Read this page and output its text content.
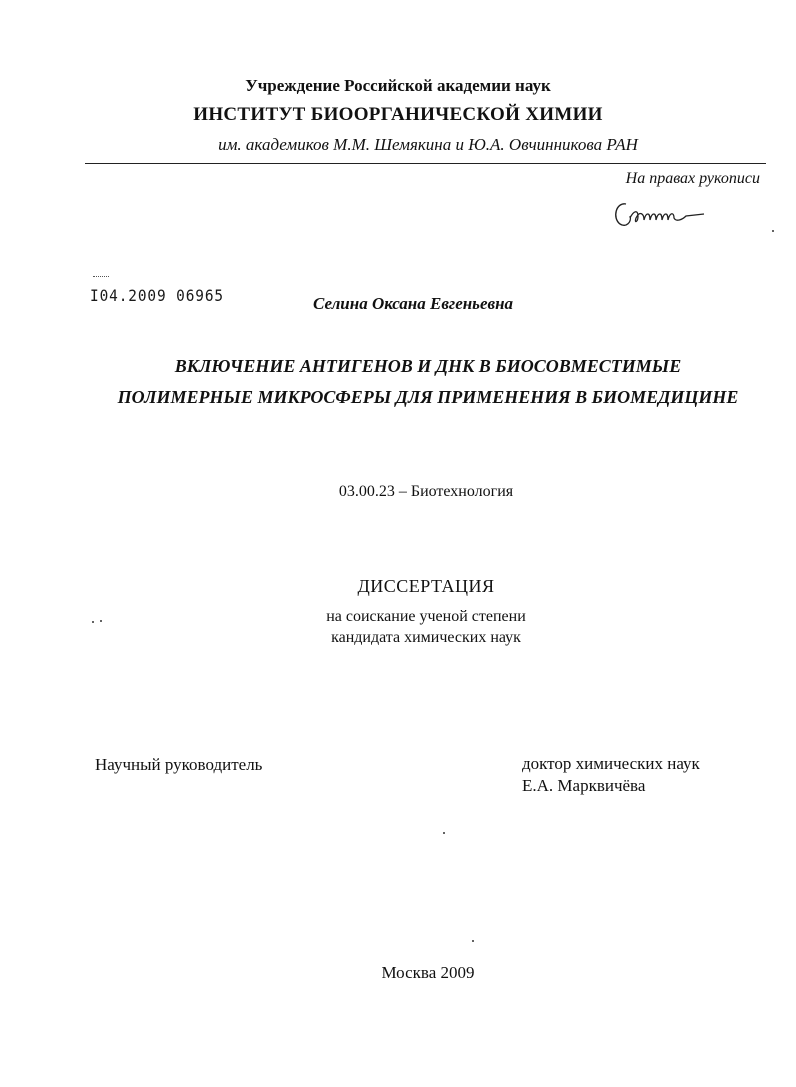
Учреждение Российской академии наук
ИНСТИТУТ БИООРГАНИЧЕСКОЙ ХИМИИ
им. академиков М.М. Шемякина и Ю.А. Овчинникова РАН
На правах рукописи
I04.2009 06965	Селина Оксана Евгеньевна
ВКЛЮЧЕНИЕ АНТИГЕНОВ И ДНК В БИОСОВМЕСТИМЫЕ
ПОЛИМЕРНЫЕ МИКРОСФЕРЫ ДЛЯ ПРИМЕНЕНИЯ В БИОМЕДИЦИНЕ
03.00.23 – Биотехнология
ДИССЕРТАЦИЯ
на соискание ученой степени
кандидата химических наук
Научный руководитель	доктор химических наук
Е.А. Марквичёва
Москва 2009
